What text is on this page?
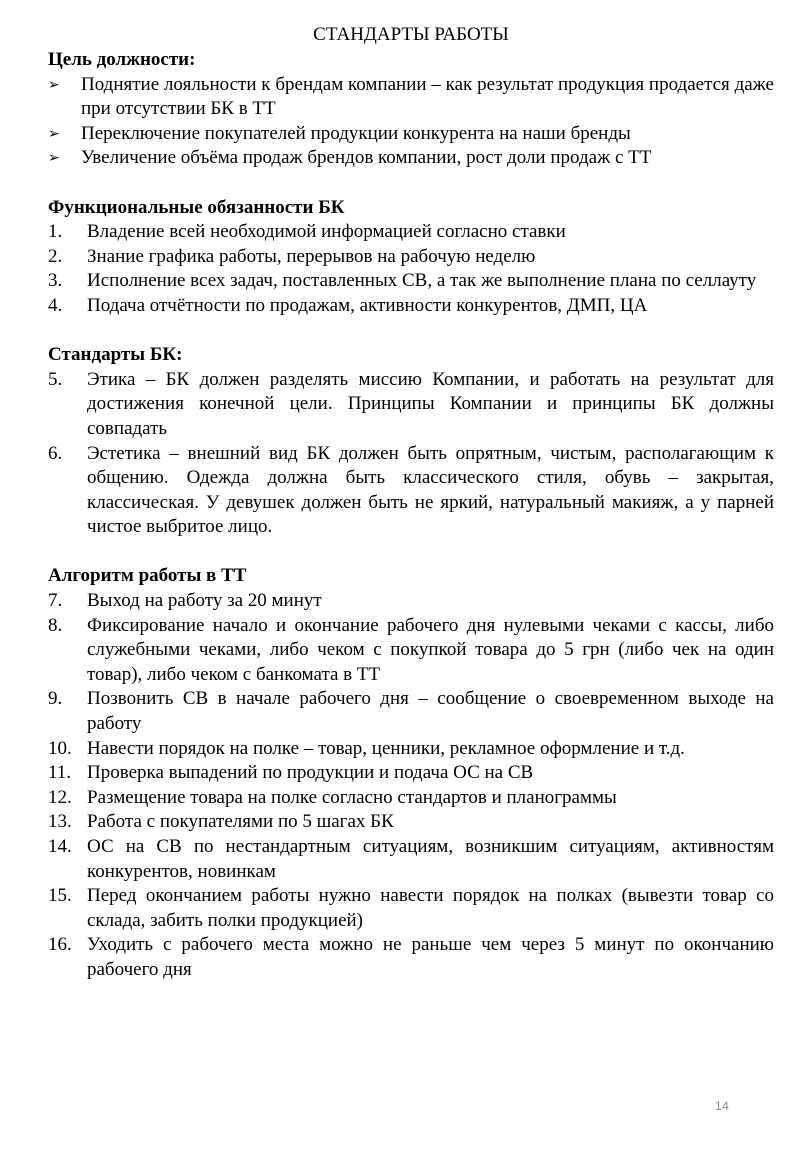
СТАНДАРТЫ РАБОТЫ
Цель должности:
➢	Поднятие лояльности к брендам компании – как результат продукция продается даже при отсутствии БК в ТТ
➢	Переключение покупателей продукции конкурента на наши бренды
➢	Увеличение объёма продаж брендов компании, рост доли продаж с ТТ
Функциональные обязанности БК
1.	Владение всей необходимой информацией согласно ставки
2.	Знание графика работы, перерывов на рабочую неделю
3.	Исполнение всех задач, поставленных СВ, а так же выполнение плана по селлауту
4.	Подача отчётности по продажам, активности конкурентов, ДМП, ЦА
Стандарты БК:
5.	Этика – БК должен разделять миссию Компании, и работать на результат для достижения конечной цели. Принципы Компании и принципы БК должны совпадать
6.	Эстетика – внешний вид БК должен быть опрятным, чистым, располагающим к общению. Одежда должна быть классического стиля, обувь – закрытая, классическая. У девушек должен быть не яркий, натуральный макияж, а у парней чистое выбритое лицо.
Алгоритм работы в ТТ
7.	Выход на работу за 20 минут
8.	Фиксирование начало и окончание рабочего дня нулевыми чеками с кассы, либо служебными чеками, либо чеком с покупкой товара до 5 грн (либо чек на один товар), либо чеком с банкомата в ТТ
9.	Позвонить СВ в начале рабочего дня – сообщение о своевременном выходе на работу
10. Навести порядок на полке – товар, ценники, рекламное оформление и т.д.
11. Проверка выпадений по продукции и подача ОС на СВ
12. Размещение товара на полке согласно стандартов и планограммы
13. Работа с покупателями по 5 шагах БК
14. ОС на СВ по нестандартным ситуациям, возникшим ситуациям, активностям конкурентов, новинкам
15. Перед окончанием работы нужно навести порядок на полках (вывезти товар со склада, забить полки продукцией)
16. Уходить с рабочего места можно не раньше чем через 5 минут по окончанию рабочего дня
14
